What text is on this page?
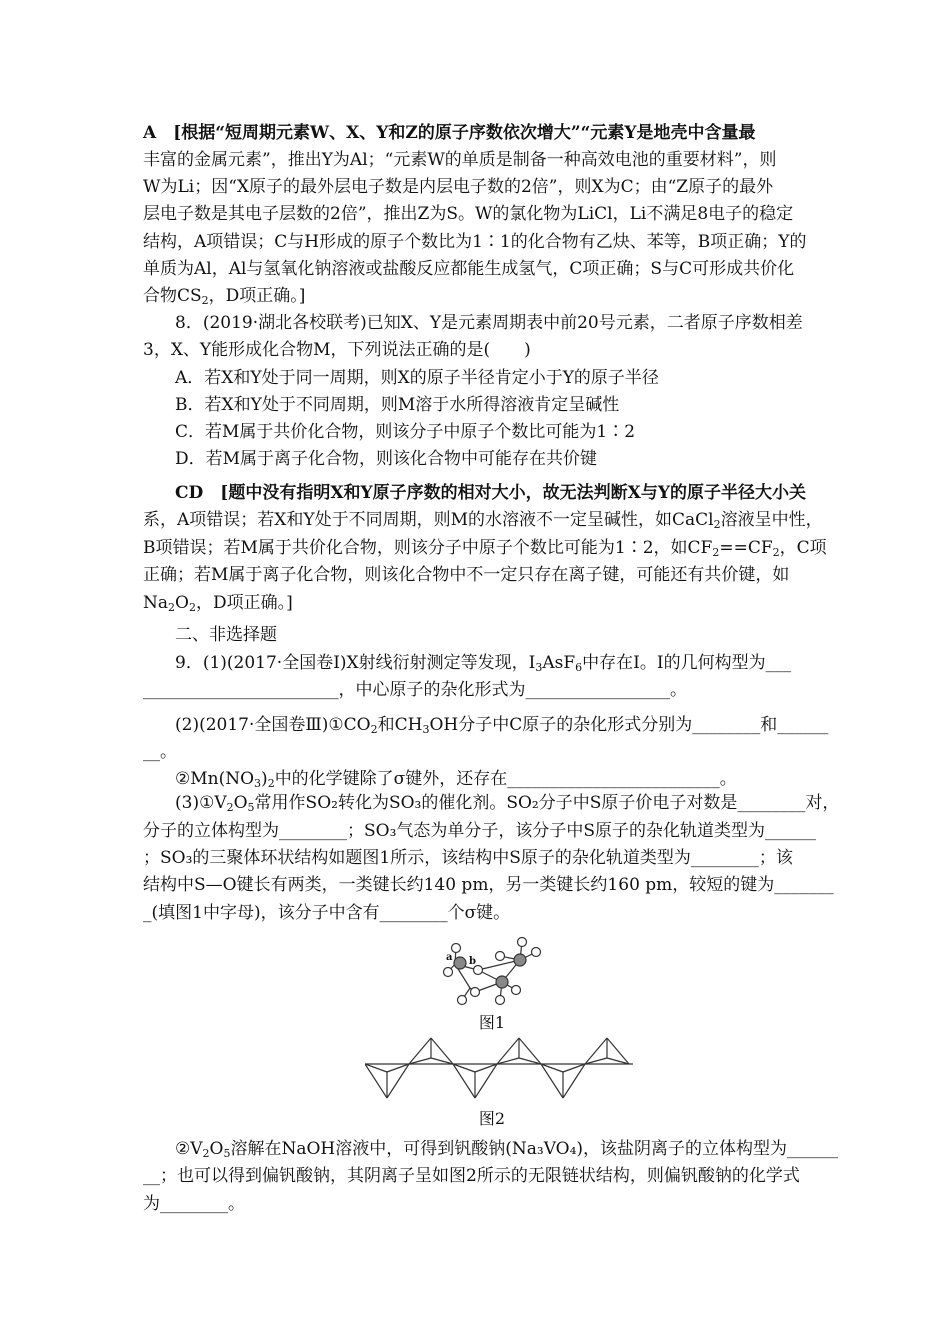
A　[根据“短周期元素W、X、Y和Z的原子序数依次增大”“元素Y是地壳中含量最
丰富的金属元素”，推出Y为Al；“元素W的单质是制备一种高效电池的重要材料”，则
W为Li；因“X原子的最外层电子数是内层电子数的2倍”，则X为C；由“Z原子的最外
层电子数是其电子层数的2倍”，推出Z为S。W的氯化物为LiCl，Li不满足8电子的稳定
结构，A项错误；C与H形成的原子个数比为1∶1的化合物有乙炔、苯等，B项正确；Y的
单质为Al，Al与氢氧化钠溶液或盐酸反应都能生成氢气，C项正确；S与C可形成共价化
合物$CS_2$，D项正确。]
8．(2019·湖北各校联考)已知X、Y是元素周期表中前20号元素，二者原子序数相差
3，X、Y能形成化合物M，下列说法正确的是(　　)
A．若X和Y处于同一周期，则X的原子半径肯定小于Y的原子半径
B．若X和Y处于不同周期，则M溶于水所得溶液肯定呈碱性
C．若M属于共价化合物，则该分子中原子个数比可能为1∶2
D．若M属于离子化合物，则该化合物中可能存在共价键
CD　[题中没有指明X和Y原子序数的相对大小，故无法判断X与Y的原子半径大小关
系，A项错误；若X和Y处于不同周期，则M的水溶液不一定呈碱性，如CaCl$_2$溶液呈中性，
B项错误；若M属于共价化合物，则该分子中原子个数比可能为1∶2，如$CF_2==CF_2$，C项
正确；若M属于离子化合物，则该化合物中不一定只存在离子键，可能还有共价键，如
$Na_2O_2$，D项正确。]
二、非选择题
9．(1)(2017·全国卷Ⅰ)X射线衍射测定等发现，$I_3AsF_6$中存在I。I的几何构型为___
_______________________，中心原子的杂化形式为_________________。
(2)(2017·全国卷$Ⅲ)①CO_2$和$CH_3OH$分子中C原子的杂化形式分别为________和______
__。
$②Mn(NO_3)_2$中的化学键除了σ键外，还存在_________________________。
$(3)①V_2O_5$常用作SO₂转化为SO₃的催化剂。SO₂分子中S原子价电子对数是________对，
分子的立体构型为________；SO₃气态为单分子，该分子中S原子的杂化轨道类型为______
；SO₃的三聚体环状结构如题图1所示，该结构中S原子的杂化轨道类型为________；该
结构中S—O键长有两类，一类键长约140 pm，另一类键长约160 pm，较短的键为_______
_(填图1中字母)，该分子中含有________个σ键。
a b
图1
图2
$②V_2O_5$溶解在NaOH溶液中，可得到钒酸钠(Na₃VO₄)，该盐阴离子的立体构型为______
__；也可以得到偏钒酸钠，其阴离子呈如图2所示的无限链状结构，则偏钒酸钠的化学式
为________。
